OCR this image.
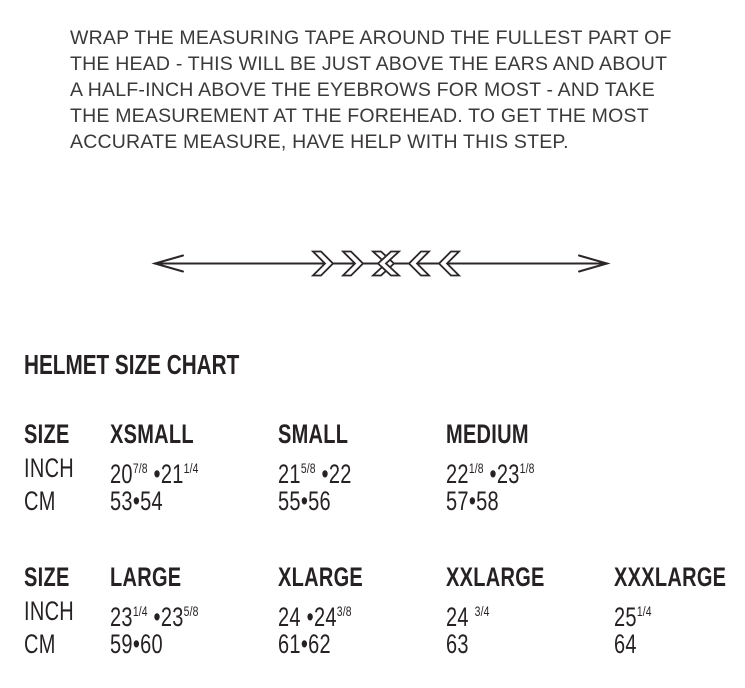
WRAP THE MEASURING TAPE AROUND THE FULLEST PART OF
THE HEAD - THIS WILL BE JUST ABOVE THE EARS AND ABOUT
A HALF-INCH ABOVE THE EYEBROWS FOR MOST - AND TAKE
THE MEASUREMENT AT THE FOREHEAD. TO GET THE MOST
ACCURATE MEASURE, HAVE HELP WITH THIS STEP.
HELMET SIZE CHART
SIZE	XSMALL	SMALL	MEDIUM
INCH	$20^{7/8}$ $•21^{1/4}$	$21^{5/8}$ •22	$22^{1/8}$ $•23^{1/8}$
CM	53•54	55•56	57•58
SIZE	LARGE	XLARGE	XXLARGE	XXXLARGE
INCH	$23^{1/4}$ $•23^{5/8}$	24 $•24^{3/8}$	24 $^{3/4}$	$25^{1/4}$
CM	59•60	61•62	63	64
